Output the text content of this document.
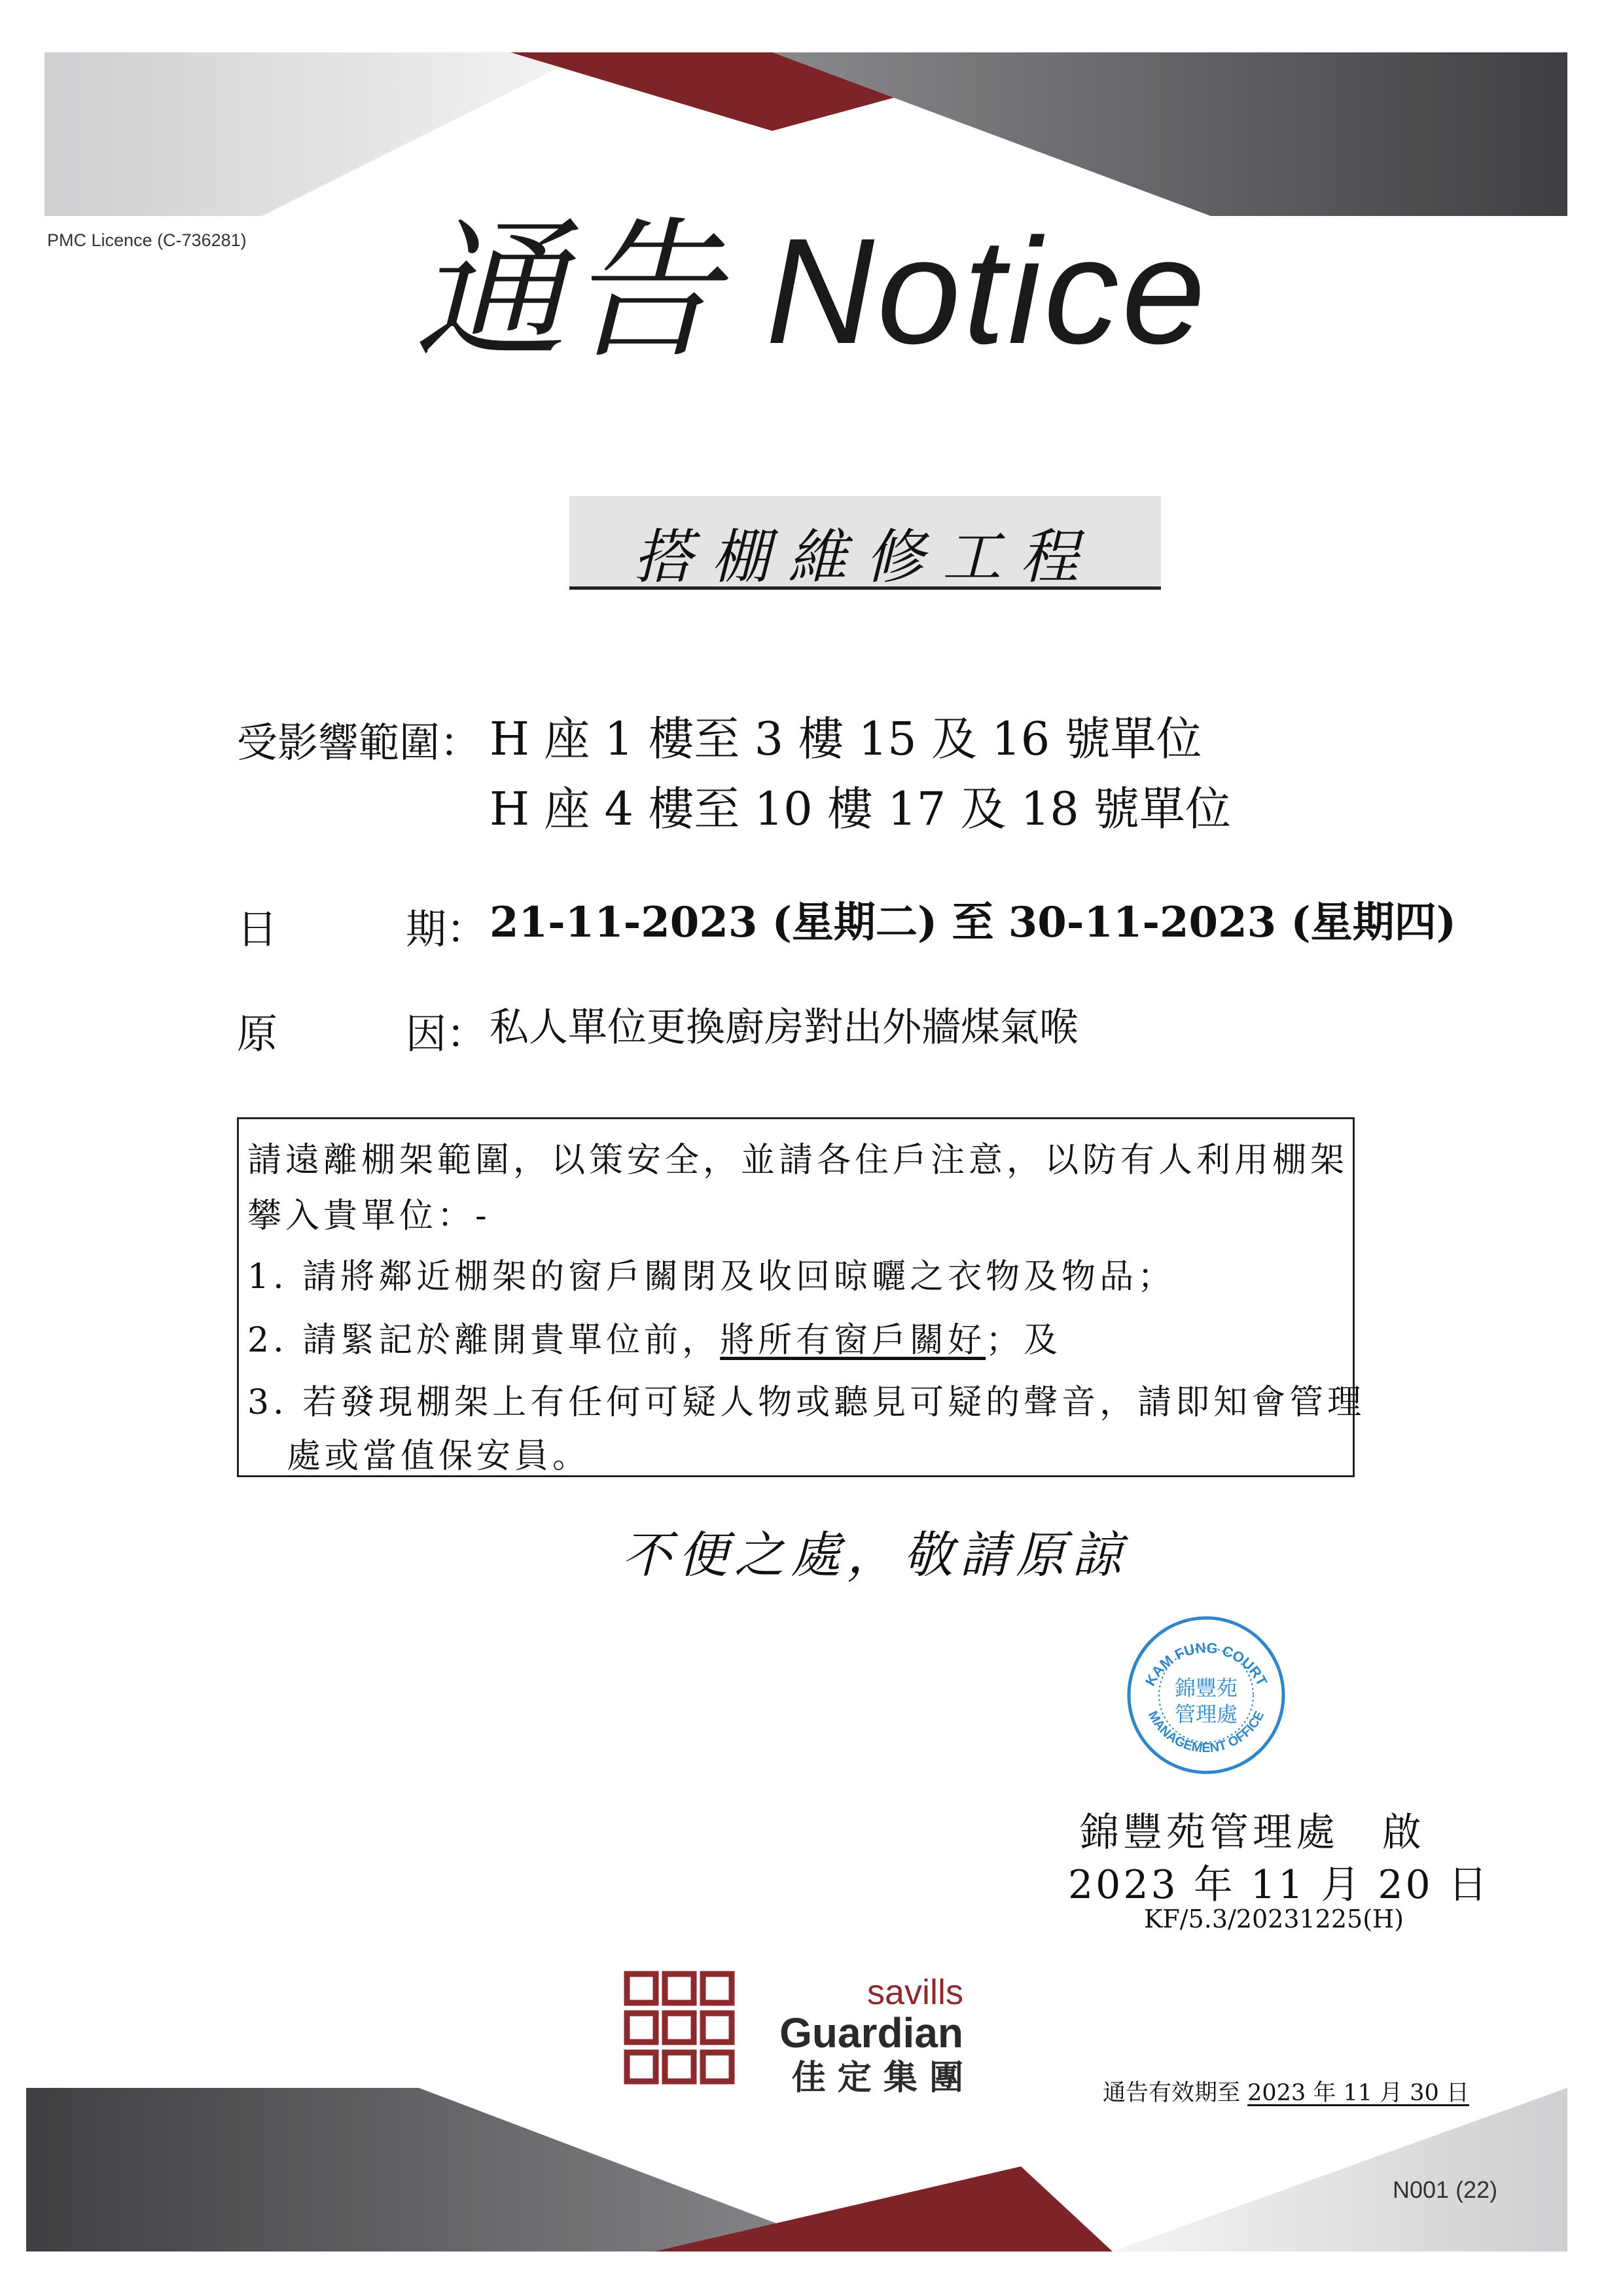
PMC Licence (C-736281)	通告 Notice
搭棚維修工程
受影響範圍： H 座 1 樓至 3 樓 15 及 16 號單位
H 座 4 樓至 10 樓 17 及 18 號單位
日	期： 21-11-2023 (星期二) 至 30-11-2023 (星期四)
原	因： 私人單位更換廚房對出外牆煤氣喉
請遠離棚架範圍，以策安全，並請各住戶注意，以防有人利用棚架
攀入貴單位：-
1. 請將鄰近棚架的窗戶關閉及收回晾曬之衣物及物品；
2. 請緊記於離開貴單位前，將所有窗戶關好；及
3. 若發現棚架上有任何可疑人物或聽見可疑的聲音，請即知會管理
處或當值保安員。
不便之處，敬請原諒
KAM FUNG COURT
MANAGEMENT OFFICE
錦豐苑
管理處
錦豐苑管理處　啟
2023 年 11 月 20 日
KF/5.3/20231225(H)
savills
Guardian
佳 定 集 團	通告有效期至 2023 年 11 月 30 日
N001 (22)
